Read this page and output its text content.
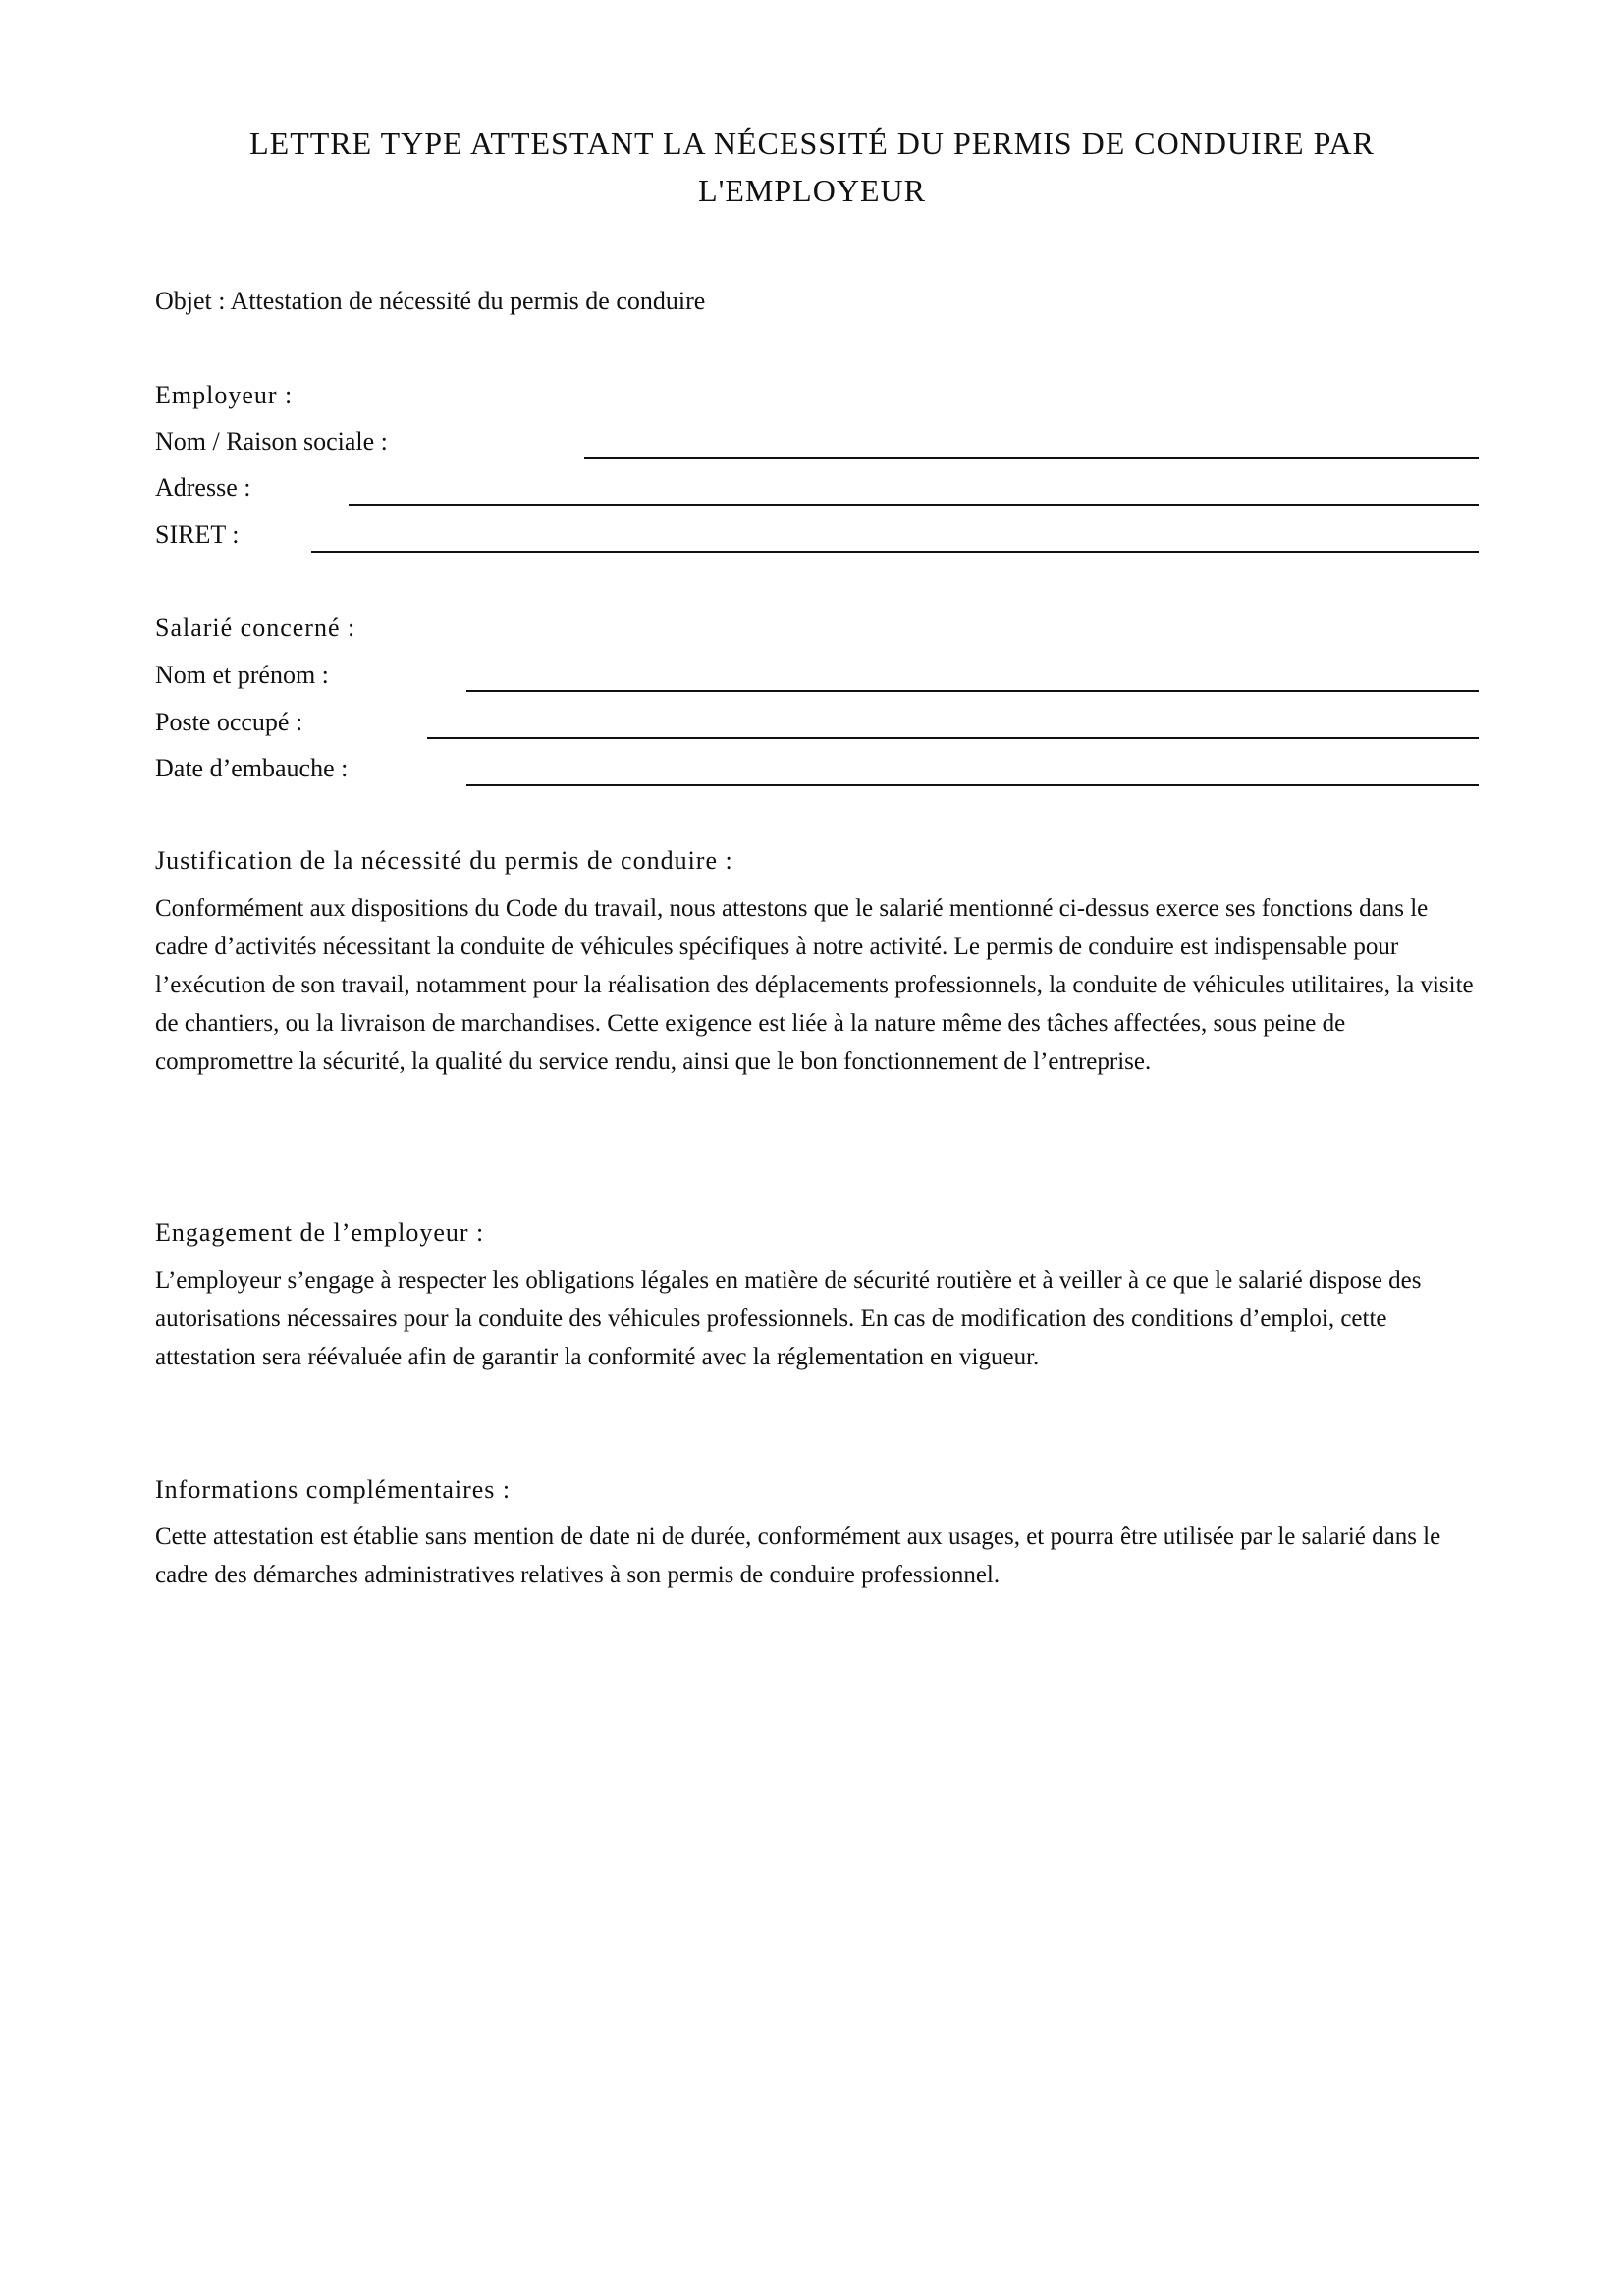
LETTRE TYPE ATTESTANT LA NÉCESSITÉ DU PERMIS DE CONDUIRE PAR
L'EMPLOYEUR
Objet : Attestation de nécessité du permis de conduire
Employeur :
Nom / Raison sociale :
Adresse :
SIRET :
Salarié concerné :
Nom et prénom :
Poste occupé :
Date d’embauche :
Justification de la nécessité du permis de conduire :

Conformément aux dispositions du Code du travail, nous attestons que le salarié mentionné ci-dessus exerce ses fonctions dans le cadre d’activités nécessitant la conduite de véhicules spécifiques à notre activité. Le permis de conduire est indispensable pour l’exécution de son travail, notamment pour la réalisation des déplacements professionnels, la conduite de véhicules utilitaires, la visite de chantiers, ou la livraison de marchandises. Cette exigence est liée à la nature même des tâches affectées, sous peine de compromettre la sécurité, la qualité du service rendu, ainsi que le bon fonctionnement de l’entreprise.

Engagement de l’employeur :

L’employeur s’engage à respecter les obligations légales en matière de sécurité routière et à veiller à ce que le salarié dispose des autorisations nécessaires pour la conduite des véhicules professionnels. En cas de modification des conditions d’emploi, cette attestation sera réévaluée afin de garantir la conformité avec la réglementation en vigueur.

Informations complémentaires :

Cette attestation est établie sans mention de date ni de durée, conformément aux usages, et pourra être utilisée par le salarié dans le cadre des démarches administratives relatives à son permis de conduire professionnel.
